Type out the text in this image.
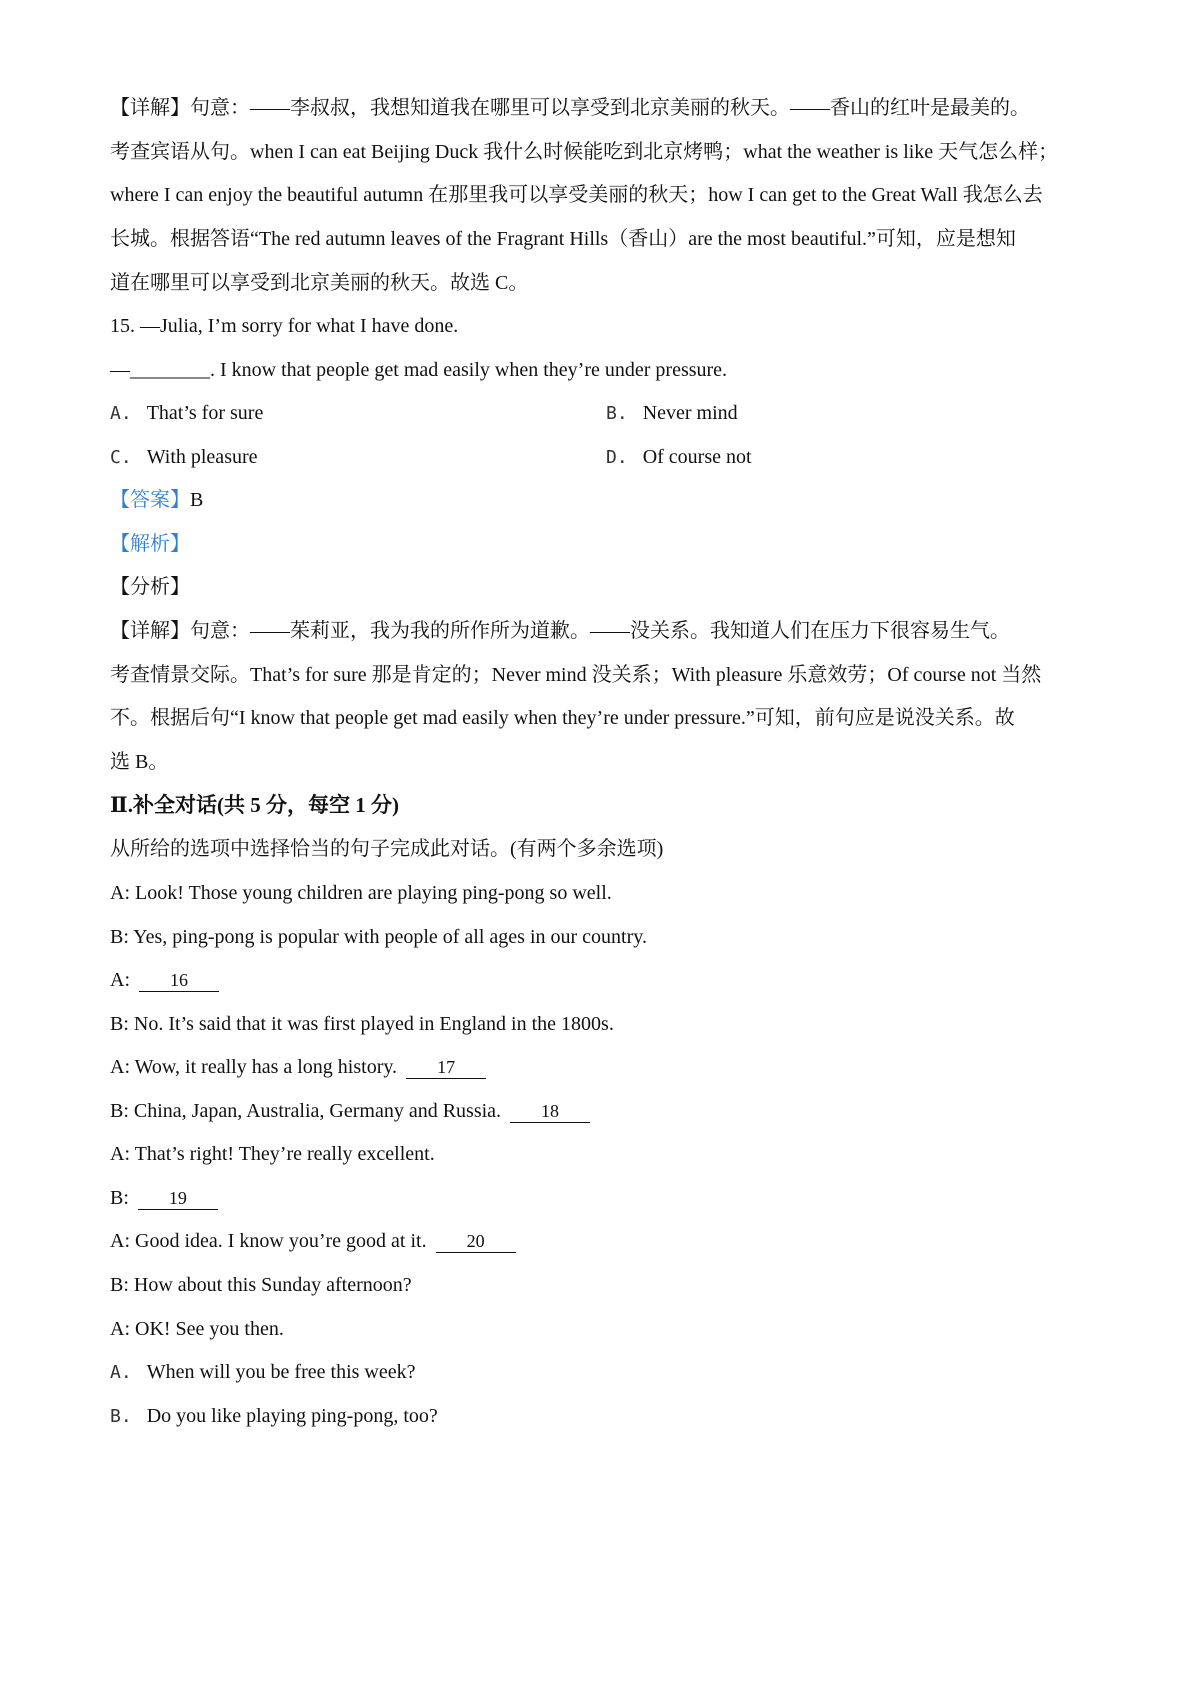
【详解】句意：——李叔叔，我想知道我在哪里可以享受到北京美丽的秋天。——香山的红叶是最美的。
考查宾语从句。when I can eat Beijing Duck 我什么时候能吃到北京烤鸭；what the weather is like 天气怎么样；
where I can enjoy the beautiful autumn 在那里我可以享受美丽的秋天；how I can get to the Great Wall 我怎么去
长城。根据答语“The red autumn leaves of the Fragrant Hills（香山）are the most beautiful.”可知，应是想知
道在哪里可以享受到北京美丽的秋天。故选 C。
15. —Julia, I’m sorry for what I have done.
—________. I know that people get mad easily when they’re under pressure.
A. That’s for sure	B. Never mind
C. With pleasure	D. Of course not
【答案】B
【解析】
【分析】
【详解】句意：——茱莉亚，我为我的所作所为道歉。——没关系。我知道人们在压力下很容易生气。
考查情景交际。That’s for sure 那是肯定的；Never mind 没关系；With pleasure 乐意效劳；Of course not 当然
不。根据后句“I know that people get mad easily when they’re under pressure.”可知，前句应是说没关系。故
选 B。
Ⅱ.补全对话(共 5 分，每空 1 分)
从所给的选项中选择恰当的句子完成此对话。(有两个多余选项)
A: Look! Those young children are playing ping-pong so well.
B: Yes, ping-pong is popular with people of all ages in our country.
A: 16
B: No. It’s said that it was first played in England in the 1800s.
A: Wow, it really has a long history. 17
B: China, Japan, Australia, Germany and Russia. 18
A: That’s right! They’re really excellent.
B: 19
A: Good idea. I know you’re good at it. 20
B: How about this Sunday afternoon?
A: OK! See you then.
A. When will you be free this week?
B. Do you like playing ping-pong, too?
